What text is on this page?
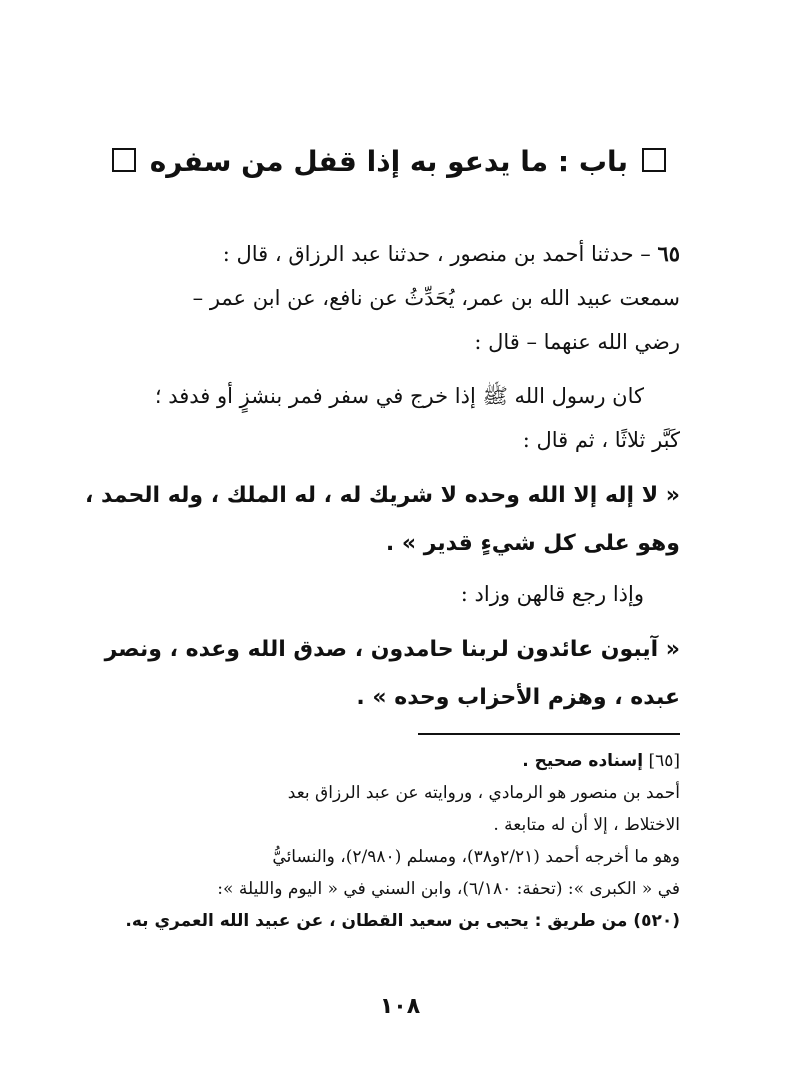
باب : ما يدعو به إذا قفل من سفره
٦٥ – حدثنا أحمد بن منصور ، حدثنا عبد الرزاق ، قال :
سمعت عبيد الله بن عمر، يُحَدِّثُ عن نافع، عن ابن عمر –
رضي الله عنهما – قال :
كان رسول الله ﷺ إذا خرج في سفر فمر بنشزٍ أو فدفد ؛
كَبَّر ثلاثًا ، ثم قال :
« لا إله إلا الله وحده لا شريك له ، له الملك ، وله الحمد ،
وهو على كل شيءٍ قدير » .
وإذا رجع قالهن وزاد :
« آيبون عائدون لربنا حامدون ، صدق الله وعده ، ونصر
عبده ، وهزم الأحزاب وحده » .
[٦٥] إسناده صحيح .
أحمد بن منصور هو الرمادي ، وروايته عن عبد الرزاق بعد
الاختلاط ، إلا أن له متابعة .
وهو ما أخرجه أحمد (٢/٢١و٣٨)، ومسلم (٢/٩٨٠)، والنسائيُّ
في « الكبرى »: (تحفة: ٦/١٨٠)، وابن السني في « اليوم والليلة »:
(٥٢٠) من طريق : يحيى بن سعيد القطان ، عن عبيد الله العمري به.
١٠٨
